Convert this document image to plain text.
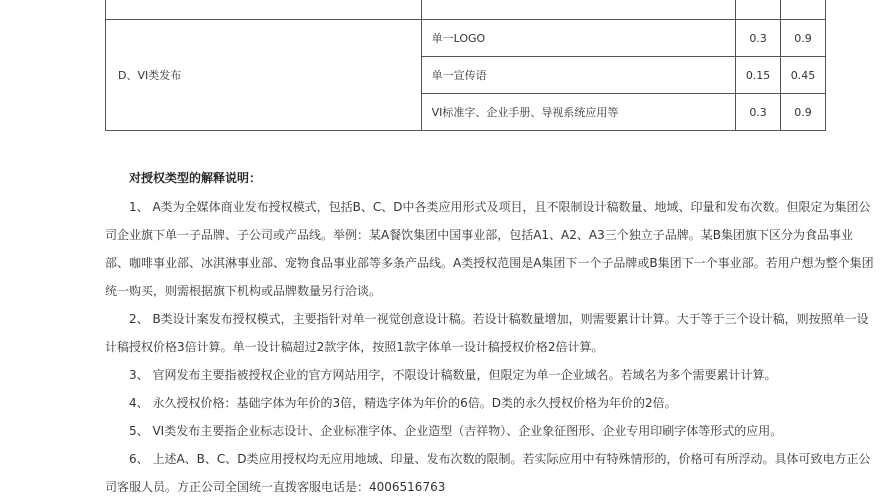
D、VI类发布	单一LOGO	0.3	0.9
	单一宣传语	0.15	0.45
	VI标准字、企业手册、导视系统应用等	0.3	0.9
对授权类型的解释说明：

1、 A类为全媒体商业发布授权模式，包括B、C、D中各类应用形式及项目，且不限制设计稿数量、地域、印量和发布次数。但限定为集团公司企业旗下单一子品牌、子公司或产品线。举例：某A餐饮集团中国事业部，包括A1、A2、A3三个独立子品牌。某B集团旗下区分为食品事业部、咖啡事业部、冰淇淋事业部、宠物食品事业部等多条产品线。A类授权范围是A集团下一个子品牌或B集团下一个事业部。若用户想为整个集团统一购买，则需根据旗下机构或品牌数量另行洽谈。

2、 B类设计案发布授权模式，主要指针对单一视觉创意设计稿。若设计稿数量增加，则需要累计计算。大于等于三个设计稿，则按照单一设计稿授权价格3倍计算。单一设计稿超过2款字体，按照1款字体单一设计稿授权价格2倍计算。

3、 官网发布主要指被授权企业的官方网站用字，不限设计稿数量，但限定为单一企业域名。若域名为多个需要累计计算。

4、 永久授权价格：基础字体为年价的3倍，精选字体为年价的6倍。D类的永久授权价格为年价的2倍。

5、 VI类发布主要指企业标志设计、企业标准字体、企业造型（吉祥物）、企业象征图形、企业专用印刷字体等形式的应用。

6、 上述A、B、C、D类应用授权均无应用地域、印量、发布次数的限制。若实际应用中有特殊情形的，价格可有所浮动。具体可致电方正公司客服人员。方正公司全国统一直拨客服电话是：4006516763
